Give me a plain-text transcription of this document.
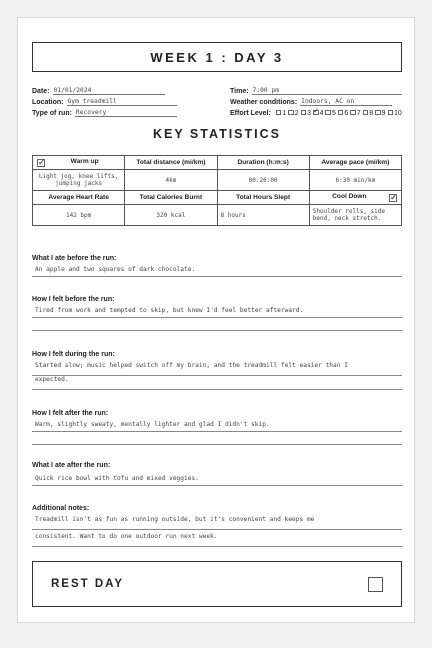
WEEK 1 : DAY 3
Date: 01/01/2024
Location: Gym treadmill
Type of run: Recovery
Time: 7:00 pm
Weather conditions: Indoors, AC on
Effort Level:	1	2	3
✓	4	5	6	7	8	9	10
KEY STATISTICS
✓
Warm up	Total distance (mi/km)	Duration (h:m:s)	Average pace (mi/km)
Light jog, knee lifts, jumping jacks	4km	00:26:00	6:30 min/km
Average Heart Rate	Total Calories Burnt	Total Hours Slept	Cool Down
✓

142 bpm	320 kcal	8 hours	Shoulder rolls, side bend, neck stretch.
What I ate before the run:
An apple and two squares of dark chocolate.
How I felt before the run:
Tired from work and tempted to skip, but knew I'd feel better afterward.
How I felt during the run:
Started slow; music helped switch off my brain, and the treadmill felt easier than I
expected.
How I felt after the run:
Warm, slightly sweaty, mentally lighter and glad I didn't skip.
What I ate after the run:
Quick rice bowl with tofu and mixed veggies.
Additional notes:
Treadmill isn't as fun as running outside, but it's convenient and keeps me
consistent. Want to do one outdoor run next week.
REST DAY
